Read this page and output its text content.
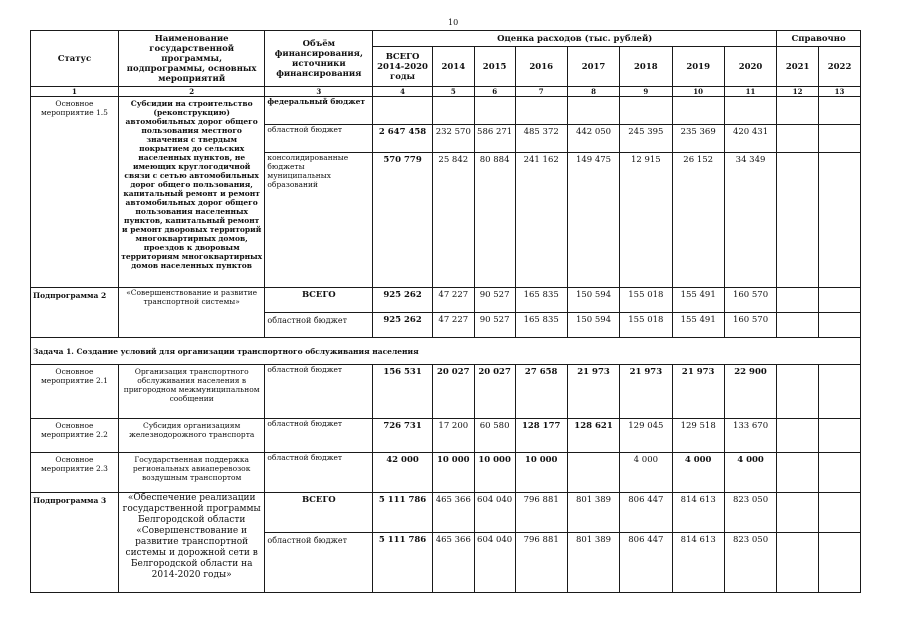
10
Статус	Наименование государственной программы, подпрограммы, основных мероприятий	Объём финансирования, источники финансирования	Оценка расходов (тыс. рублей)								Справочно	
			ВСЕГО 2014-2020 годы	2014	2015	2016	2017	2018	2019	2020	2021	2022
1	2	3	4	5	6	7	8	9	10	11	12	13
Основное мероприятие 1.5	Субсидии на строительство (реконструкцию) автомобильных дорог общего пользования местного значения с твердым покрытием до сельских населенных пунктов, не имеющих круглогодичной связи с сетью автомобильных дорог общего пользования, капитальный ремонт и ремонт автомобильных дорог общего пользования населенных пунктов, капитальный ремонт и ремонт дворовых территорий многоквартирных домов, проездов к дворовым территориям многоквартирных домов населенных пунктов	федеральный бюджет										
		областной бюджет	2 647 458	232 570	586 271	485 372	442 050	245 395	235 369	420 431		
		консолидированные бюджеты муниципальных образований	570 779	25 842	80 884	241 162	149 475	12 915	26 152	34 349		
Подпрограмма 2	«Совершенствование и развитие транспортной системы»	ВСЕГО	925 262	47 227	90 527	165 835	150 594	155 018	155 491	160 570		
		областной бюджет	925 262	47 227	90 527	165 835	150 594	155 018	155 491	160 570		
Задача 1. Создание условий для организации транспортного обслуживания населения												
Основное мероприятие 2.1	Организация транспортного обслуживания населения в пригородном межмуниципальном сообщении	областной бюджет	156 531	20 027	20 027	27 658	21 973	21 973	21 973	22 900		
Основное мероприятие 2.2	Субсидия организациям железнодорожного транспорта	областной бюджет	726 731	17 200	60 580	128 177	128 621	129 045	129 518	133 670		
Основное мероприятие 2.3	Государственная поддержка региональных авиаперевозок воздушным транспортом	областной бюджет	42 000	10 000	10 000	10 000		4 000	4 000	4 000		
Подпрограмма 3	«Обеспечение реализации государственной программы Белгородской области «Совершенствование и развитие транспортной системы и дорожной сети в Белгородской области на 2014-2020 годы»	ВСЕГО	5 111 786	465 366	604 040	796 881	801 389	806 447	814 613	823 050		
		областной бюджет	5 111 786	465 366	604 040	796 881	801 389	806 447	814 613	823 050		
